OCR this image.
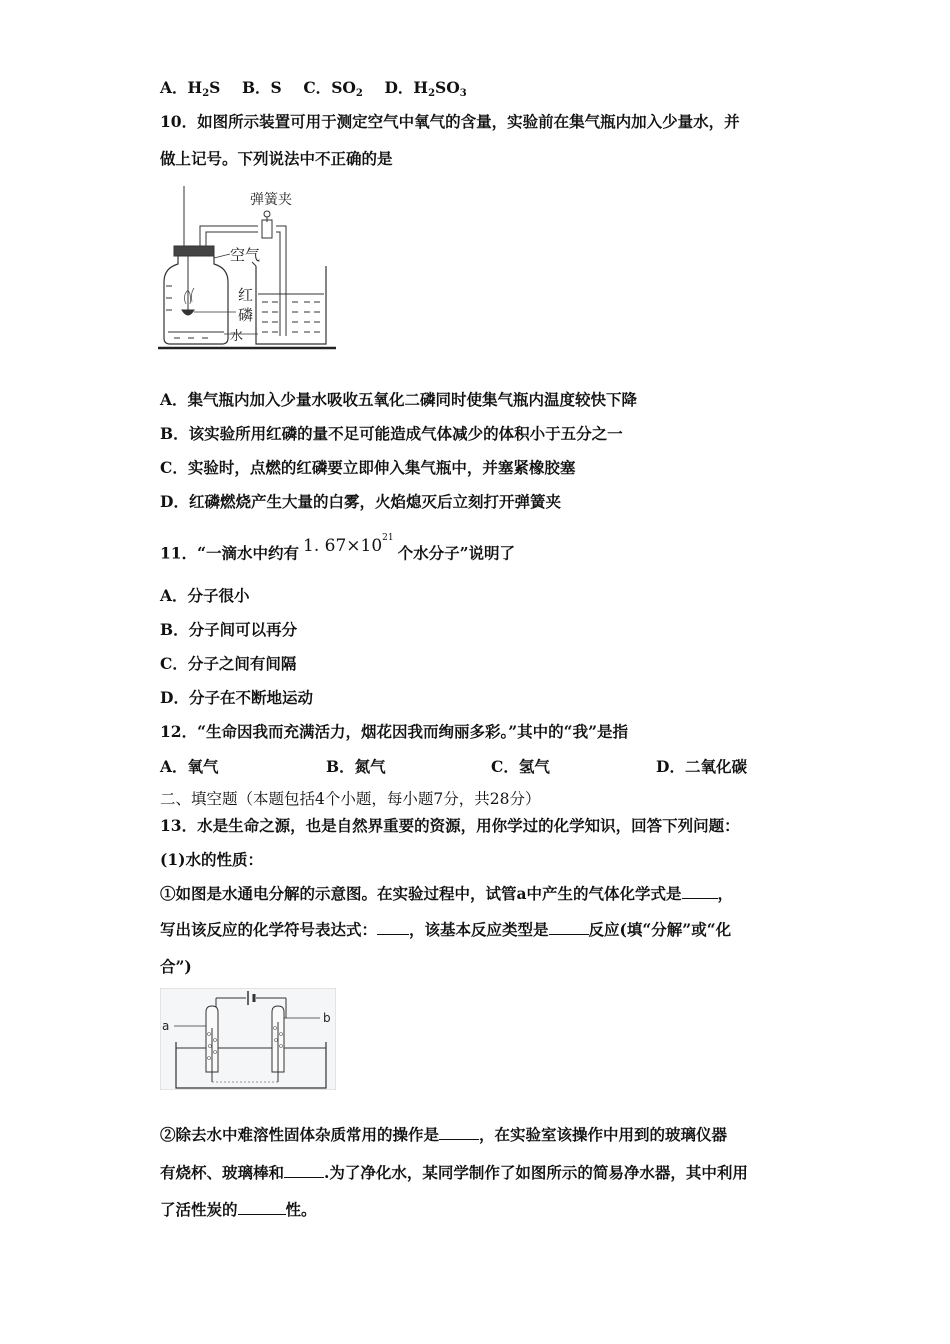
A．$H_2S$ B．S C．$SO_2$ D．$H_2SO_3$
10．如图所示装置可用于测定空气中氧气的含量，实验前在集气瓶内加入少量水，并
做上记号。下列说法中不正确的是
弹簧夹
空气
红
磷
水
A．集气瓶内加入少量水吸收五氧化二磷同时使集气瓶内温度较快下降
B．该实验所用红磷的量不足可能造成气体减少的体积小于五分之一
C．实验时，点燃的红磷要立即伸入集气瓶中，并塞紧橡胶塞
D．红磷燃烧产生大量的白雾，火焰熄灭后立刻打开弹簧夹
11．“一滴水中约有 1. $67\times 10^{21}$个水分子”说明了
A．分子很小
B．分子间可以再分
C．分子之间有间隔
D．分子在不断地运动
12．“生命因我而充满活力，烟花因我而绚丽多彩。”其中的“我”是指
A．氧气	B．氮气	C．氢气	D．二氧化碳
二、填空题（本题包括4个小题，每小题7分，共28分）
13．水是生命之源，也是自然界重要的资源，用你学过的化学知识，回答下列问题：
(1)水的性质：
①如图是水通电分解的示意图。在实验过程中，试管a中产生的气体化学式是 ，
写出该反应的化学符号表达式： ，该基本反应类型是	反应(填“分解”或“化
合”)
a
b
②除去水中难溶性固体杂质常用的操作是	，在实验室该操作中用到的玻璃仪器
有烧杯、玻璃棒和	.为了净化水，某同学制作了如图所示的简易净水器，其中利用
了活性炭的	性。
